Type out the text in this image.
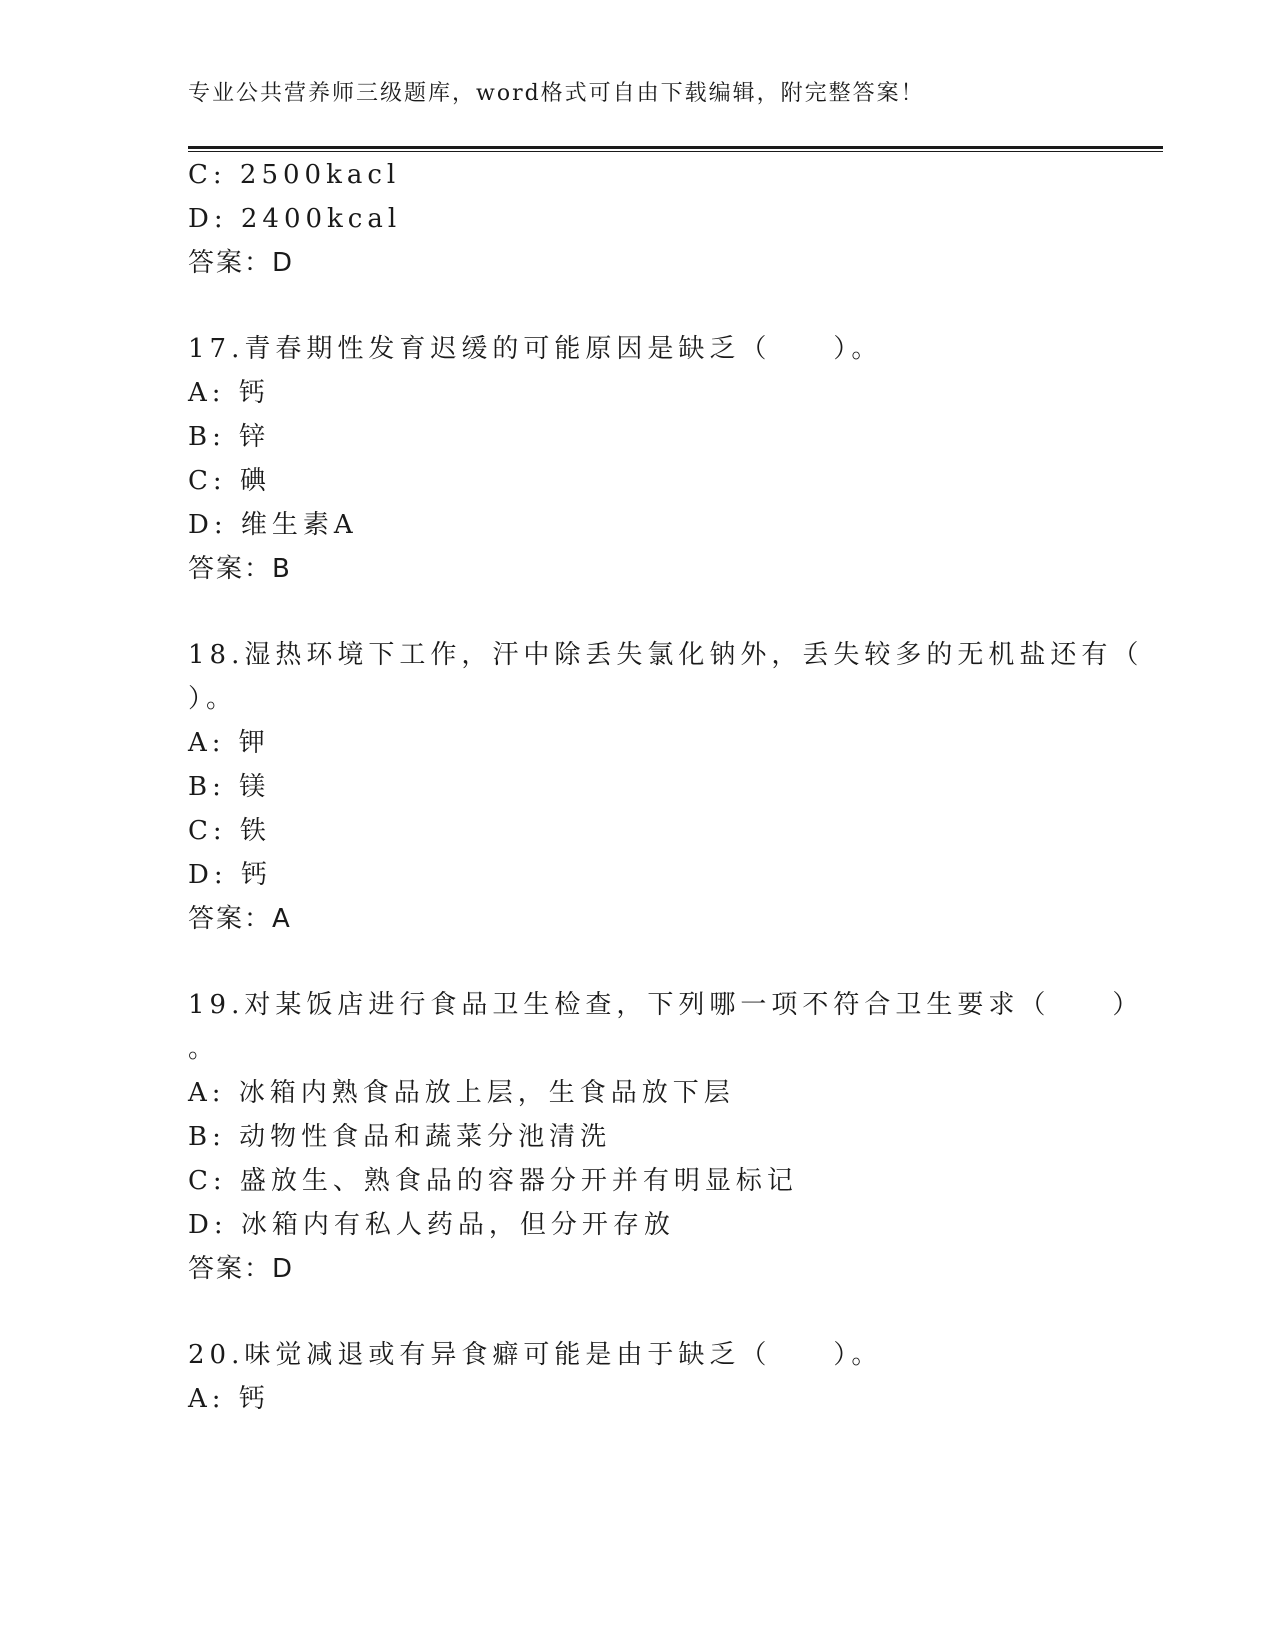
专业公共营养师三级题库，word格式可自由下载编辑，附完整答案！
C: 2500kacl
D: 2400kcal
答案：D
17.青春期性发育迟缓的可能原因是缺乏（　　）。
A: 钙
B: 锌
C: 碘
D: 维生素A
答案：B
18.湿热环境下工作，汗中除丢失氯化钠外，丢失较多的无机盐还有（
）。
A: 钾
B: 镁
C: 铁
D: 钙
答案：A
19.对某饭店进行食品卫生检查，下列哪一项不符合卫生要求（　　）
。
A: 冰箱内熟食品放上层，生食品放下层
B: 动物性食品和蔬菜分池清洗
C: 盛放生、熟食品的容器分开并有明显标记
D: 冰箱内有私人药品，但分开存放
答案：D
20.味觉减退或有异食癖可能是由于缺乏（　　）。
A: 钙
